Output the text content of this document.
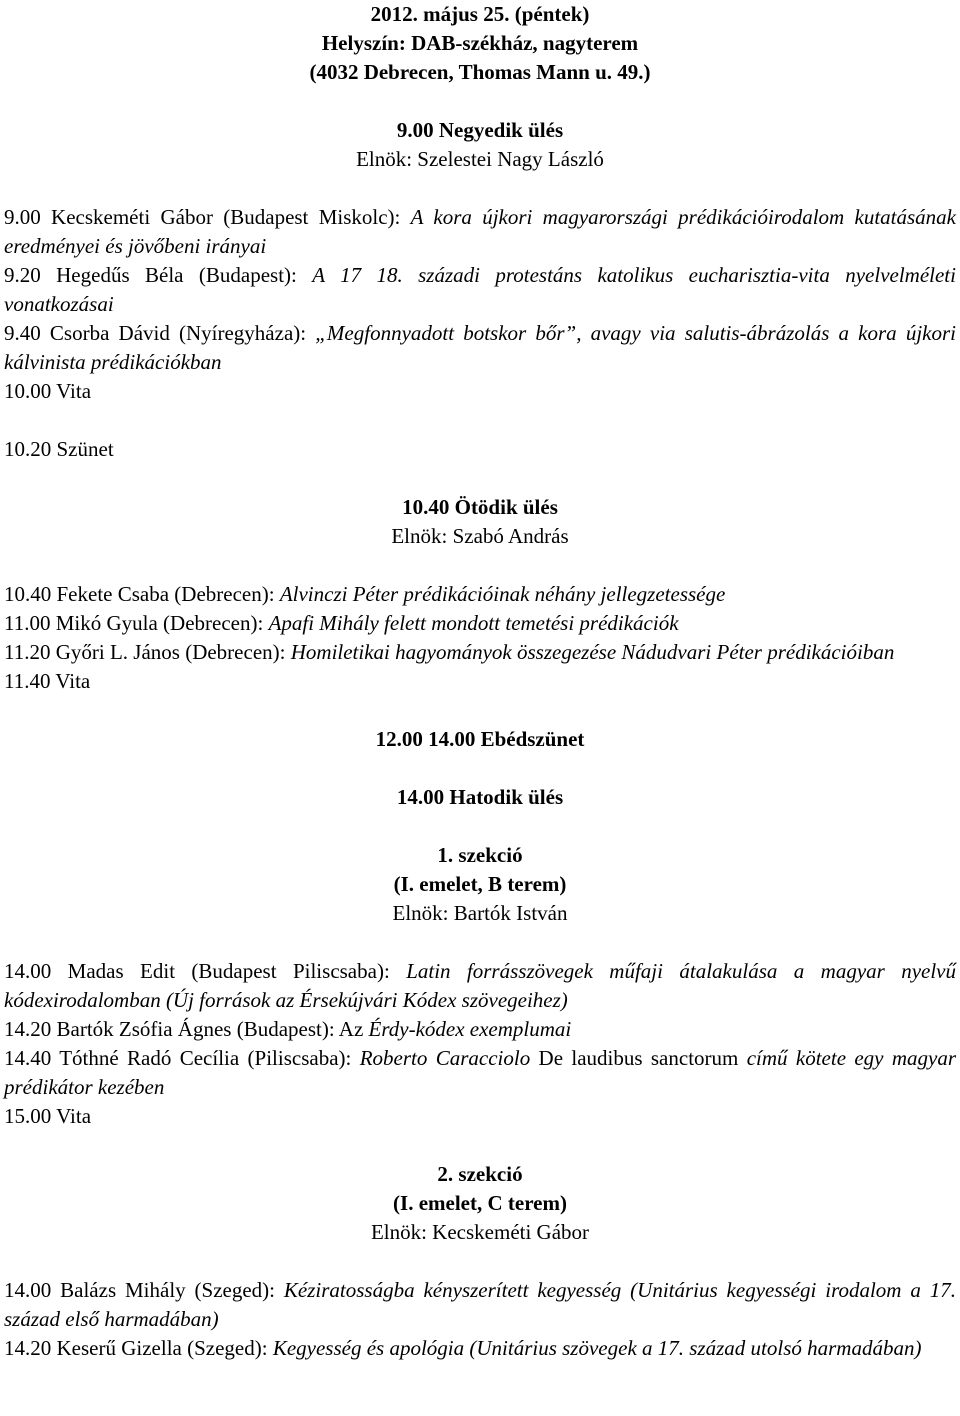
2012. május 25. (péntek)

Helyszín: DAB-székház, nagyterem

(4032 Debrecen, Thomas Mann u. 49.)

9.00 Negyedik ülés

Elnök: Szelestei Nagy László

9.00 Kecskeméti Gábor (Budapest Miskolc): A kora újkori magyarországi prédikációirodalom kutatásának eredményei és jövőbeni irányai

9.20 Hegedűs Béla (Budapest): A 17 18. századi protestáns katolikus eucharisztia-vita nyelvelméleti vonatkozásai

9.40 Csorba Dávid (Nyíregyháza): „Megfonnyadott botskor bőr”, avagy via salutis-ábrázolás a kora újkori kálvinista prédikációkban

10.00 Vita

10.20 Szünet

10.40 Ötödik ülés

Elnök: Szabó András

10.40 Fekete Csaba (Debrecen): Alvinczi Péter prédikációinak néhány jellegzetessége

11.00 Mikó Gyula (Debrecen): Apafi Mihály felett mondott temetési prédikációk

11.20 Győri L. János (Debrecen): Homiletikai hagyományok összegezése Nádudvari Péter prédikációiban

11.40 Vita

12.00 14.00 Ebédszünet

14.00 Hatodik ülés

1. szekció

(I. emelet, B terem)

Elnök: Bartók István

14.00 Madas Edit (Budapest Piliscsaba): Latin forrásszövegek műfaji átalakulása a magyar nyelvű kódexirodalomban (Új források az Érsekújvári Kódex szövegeihez)

14.20 Bartók Zsófia Ágnes (Budapest): Az Érdy-kódex exemplumai

14.40 Tóthné Radó Cecília (Piliscsaba): Roberto Caracciolo De laudibus sanctorum című kötete egy magyar prédikátor kezében

15.00 Vita

2. szekció

(I. emelet, C terem)

Elnök: Kecskeméti Gábor

14.00 Balázs Mihály (Szeged): Kéziratosságba kényszerített kegyesség (Unitárius kegyességi irodalom a 17. század első harmadában)

14.20 Keserű Gizella (Szeged): Kegyesség és apológia (Unitárius szövegek a 17. század utolsó harmadában)
